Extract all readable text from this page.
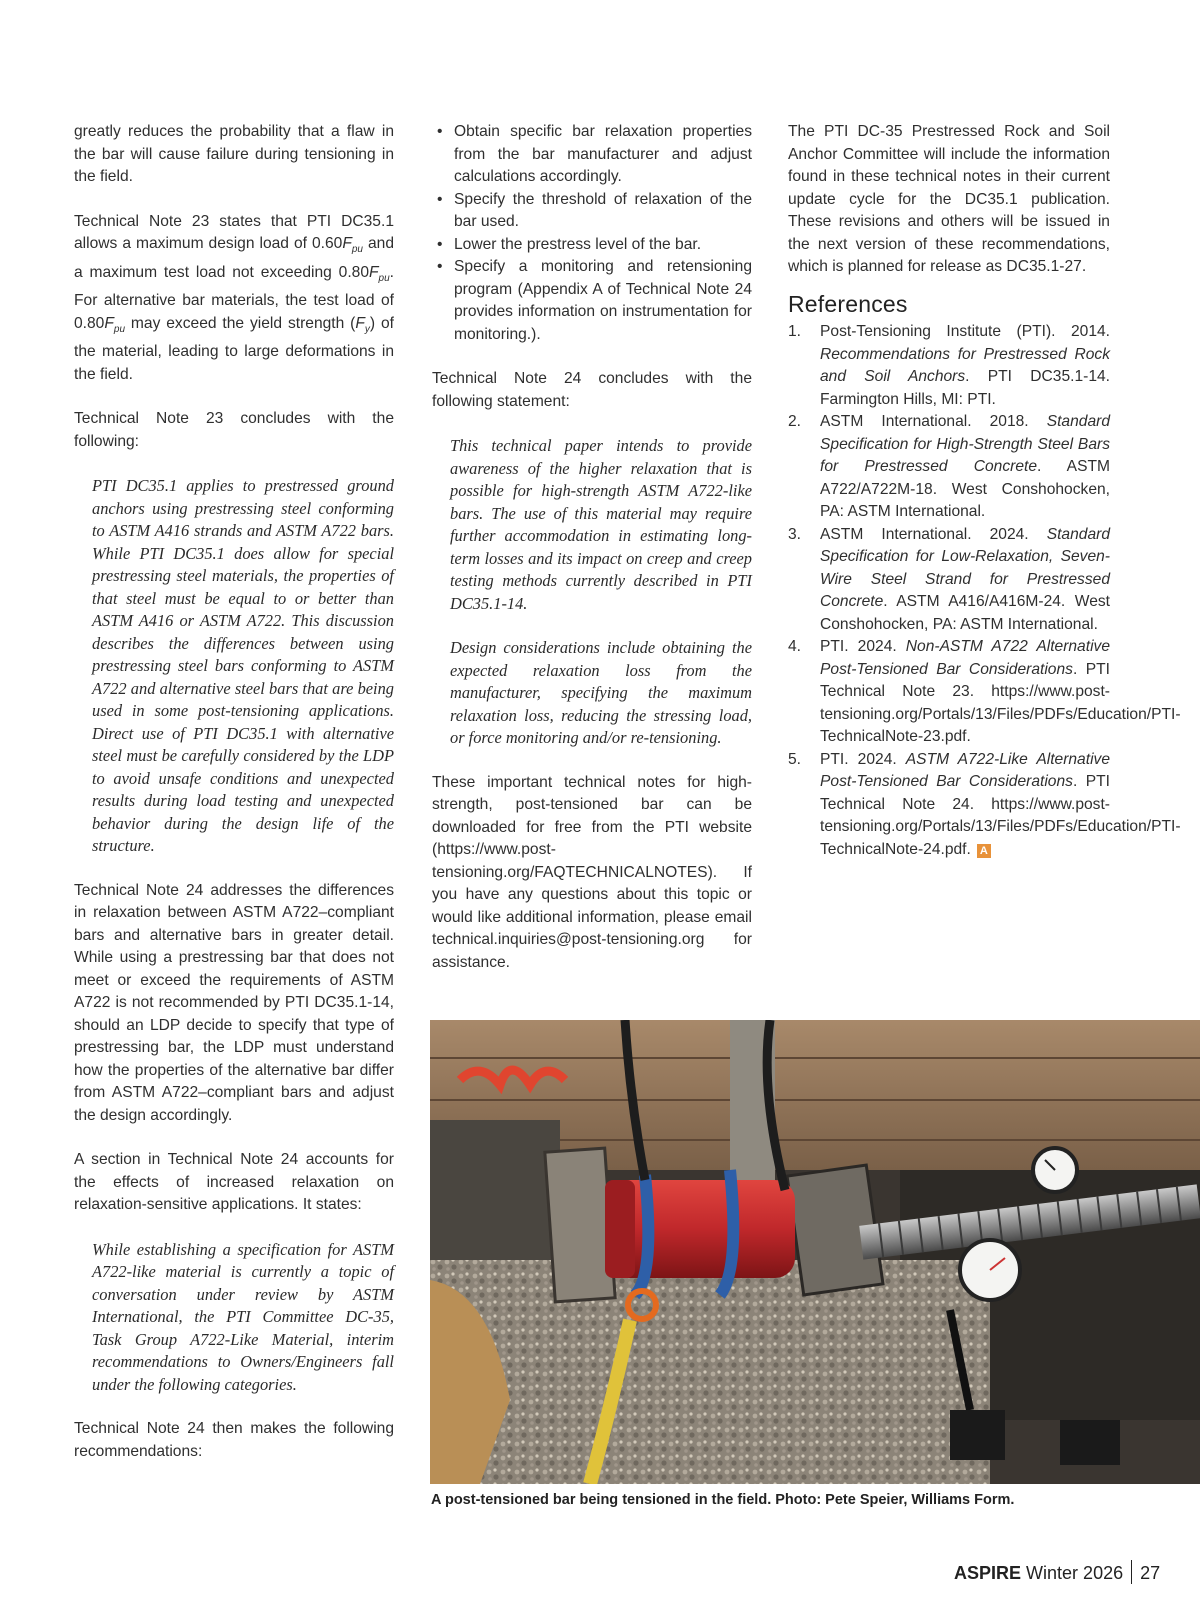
greatly reduces the probability that a flaw in the bar will cause failure during tensioning in the field.

Technical Note 23 states that PTI DC35.1 allows a maximum design load of $0.60F_{pu}$ and a maximum test load not exceeding $0.80F_{pu}$. For alternative bar materials, the test load of $0.80F_{pu}$ may exceed the yield strength $(F_y)$ of the material, leading to large deformations in the field.

Technical Note 23 concludes with the following:

PTI DC35.1 applies to prestressed ground anchors using prestressing steel conforming to ASTM A416 strands and ASTM A722 bars. While PTI DC35.1 does allow for special prestressing steel materials, the properties of that steel must be equal to or better than ASTM A416 or ASTM A722. This discussion describes the differences between using prestressing steel bars conforming to ASTM A722 and alternative steel bars that are being used in some post-tensioning applications. Direct use of PTI DC35.1 with alternative steel must be carefully considered by the LDP to avoid unsafe conditions and unexpected results during load testing and unexpected behavior during the design life of the structure.

Technical Note 24 addresses the differences in relaxation between ASTM A722–compliant bars and alternative bars in greater detail. While using a prestressing bar that does not meet or exceed the requirements of ASTM A722 is not recommended by PTI DC35.1-14, should an LDP decide to specify that type of prestressing bar, the LDP must understand how the properties of the alternative bar differ from ASTM A722–compliant bars and adjust the design accordingly.

A section in Technical Note 24 accounts for the effects of increased relaxation on relaxation-sensitive applications. It states:

While establishing a specification for ASTM A722-like material is currently a topic of conversation under review by ASTM International, the PTI Committee DC-35, Task Group A722-Like Material, interim recommendations to Owners/Engineers fall under the following categories.

Technical Note 24 then makes the following recommendations:

• Obtain specific bar relaxation properties from the bar manufacturer and adjust calculations accordingly.
• Specify the threshold of relaxation of the bar used.
• Lower the prestress level of the bar.
• Specify a monitoring and retensioning program (Appendix A of Technical Note 24 provides information on instrumentation for monitoring.).

Technical Note 24 concludes with the following statement:

This technical paper intends to provide awareness of the higher relaxation that is possible for high-strength ASTM A722-like bars. The use of this material may require further accommodation in estimating long-term losses and its impact on creep and creep testing methods currently described in PTI DC35.1-14.
Design considerations include obtaining the expected relaxation loss from the manufacturer, specifying the maximum relaxation loss, reducing the stressing load, or force monitoring and/or re-tensioning.

These important technical notes for high-strength, post-tensioned bar can be downloaded for free from the PTI website (https://www.post-tensioning.org/FAQTECHNICALNOTES). If you have any questions about this topic or would like additional information, please email technical.inquiries@post-tensioning.org for assistance.

The PTI DC-35 Prestressed Rock and Soil Anchor Committee will include the information found in these technical notes in their current update cycle for the DC35.1 publication. These revisions and others will be issued in the next version of these recommendations, which is planned for release as DC35.1-27.

References
1. Post-Tensioning Institute (PTI). 2014. Recommendations for Prestressed Rock and Soil Anchors. PTI DC35.1-14. Farmington Hills, MI: PTI.
2. ASTM International. 2018. Standard Specification for High-Strength Steel Bars for Prestressed Concrete. ASTM A722/A722M-18. West Conshohocken, PA: ASTM International.
3. ASTM International. 2024. Standard Specification for Low-Relaxation, Seven-Wire Steel Strand for Prestressed Concrete. ASTM A416/A416M-24. West Conshohocken, PA: ASTM International.
4. PTI. 2024. Non-ASTM A722 Alternative Post-Tensioned Bar Considerations. PTI Technical Note 23. https://www.post-tensioning.org/Portals/13/Files/PDFs/Education/PTI-TechnicalNote-23.pdf.
5. PTI. 2024. ASTM A722-Like Alternative Post-Tensioned Bar Considerations. PTI Technical Note 24. https://www.post-tensioning.org/Portals/13/Files/PDFs/Education/PTI-TechnicalNote-24.pdf. A
A post-tensioned bar being tensioned in the field. Photo: Pete Speier, Williams Form.
ASPIRE Winter 2026 27
